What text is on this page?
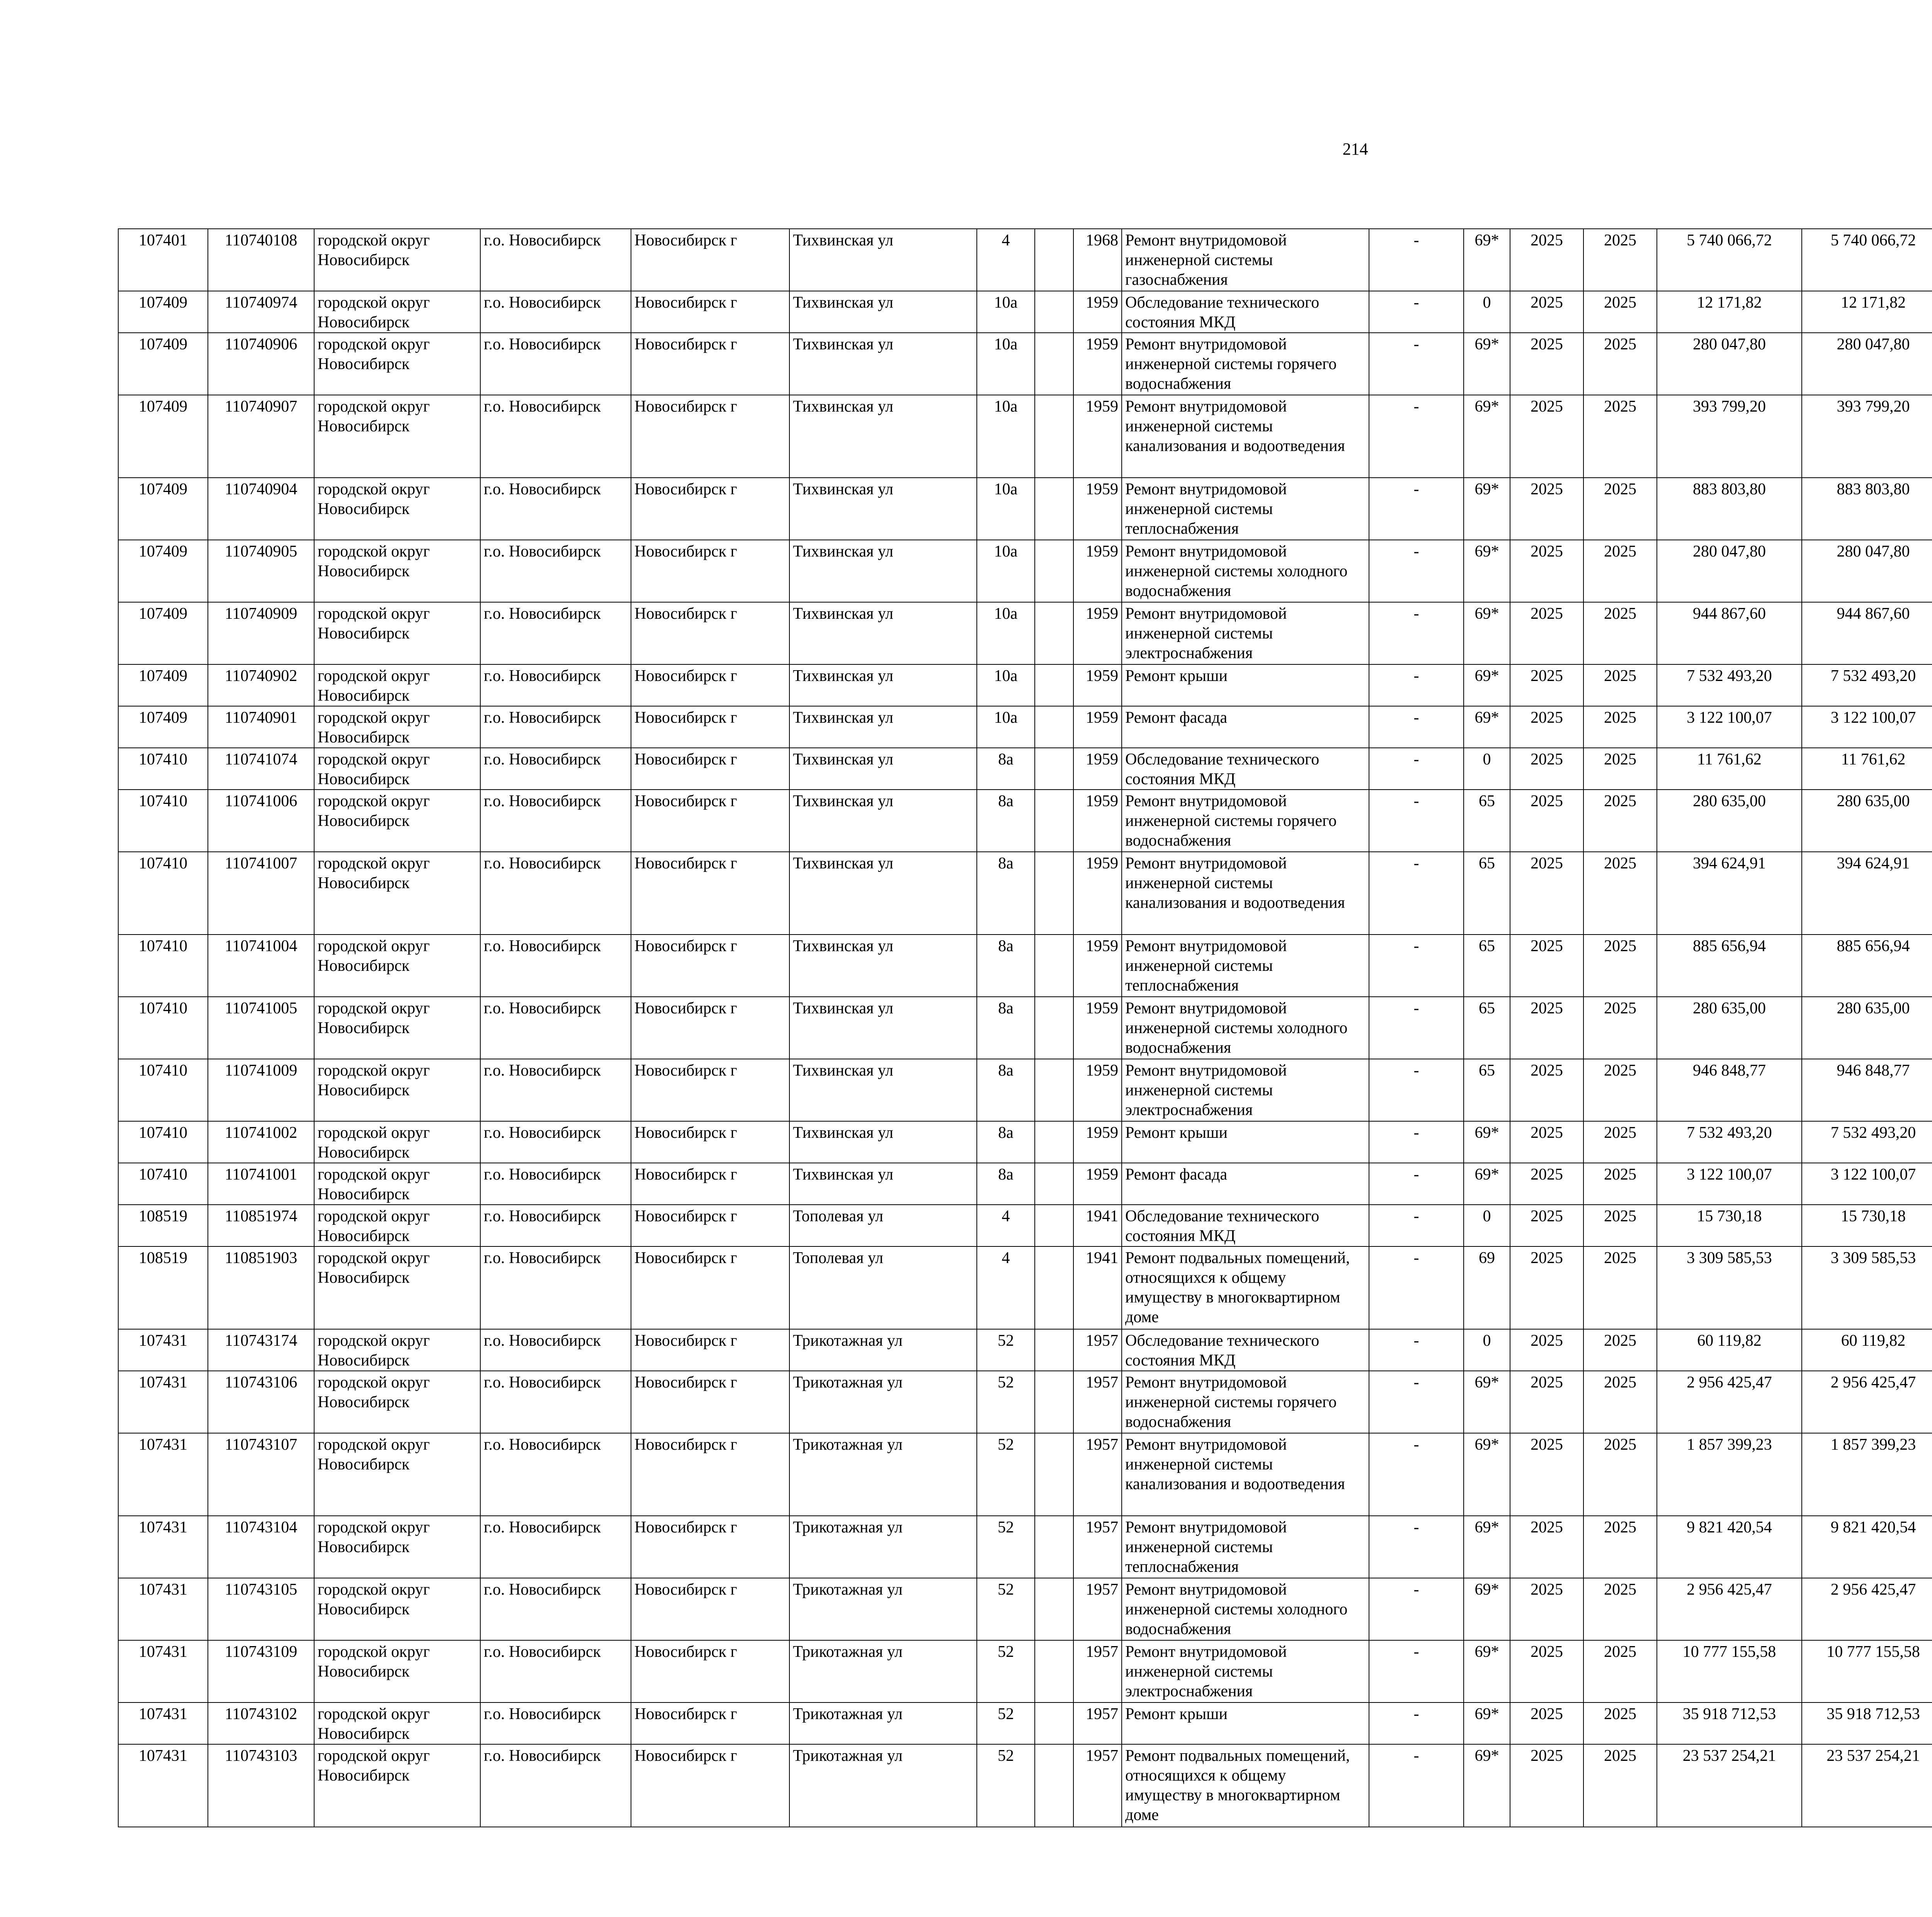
214
107401	110740108	городской округ Новосибирск	г.о. Новосибирск	Новосибирск г	Тихвинская ул	4		1968	Ремонт внутридомовой инженерной системы газоснабжения	-	69*	2025	2025	5 740 066,72	5 740 066,72						
107409	110740974	городской округ Новосибирск	г.о. Новосибирск	Новосибирск г	Тихвинская ул	10а		1959	Обследование технического состояния МКД	-	0	2025	2025	12 171,82	12 171,82						
107409	110740906	городской округ Новосибирск	г.о. Новосибирск	Новосибирск г	Тихвинская ул	10а		1959	Ремонт внутридомовой инженерной системы горячего водоснабжения	-	69*	2025	2025	280 047,80	280 047,80						
107409	110740907	городской округ Новосибирск	г.о. Новосибирск	Новосибирск г	Тихвинская ул	10а		1959	Ремонт внутридомовой инженерной системы канализования и водоотведения	-	69*	2025	2025	393 799,20	393 799,20						
107409	110740904	городской округ Новосибирск	г.о. Новосибирск	Новосибирск г	Тихвинская ул	10а		1959	Ремонт внутридомовой инженерной системы теплоснабжения	-	69*	2025	2025	883 803,80	883 803,80						
107409	110740905	городской округ Новосибирск	г.о. Новосибирск	Новосибирск г	Тихвинская ул	10а		1959	Ремонт внутридомовой инженерной системы холодного водоснабжения	-	69*	2025	2025	280 047,80	280 047,80						
107409	110740909	городской округ Новосибирск	г.о. Новосибирск	Новосибирск г	Тихвинская ул	10а		1959	Ремонт внутридомовой инженерной системы электроснабжения	-	69*	2025	2025	944 867,60	944 867,60						
107409	110740902	городской округ Новосибирск	г.о. Новосибирск	Новосибирск г	Тихвинская ул	10а		1959	Ремонт крыши	-	69*	2025	2025	7 532 493,20	7 532 493,20						
107409	110740901	городской округ Новосибирск	г.о. Новосибирск	Новосибирск г	Тихвинская ул	10а		1959	Ремонт фасада	-	69*	2025	2025	3 122 100,07	3 122 100,07						
107410	110741074	городской округ Новосибирск	г.о. Новосибирск	Новосибирск г	Тихвинская ул	8а		1959	Обследование технического состояния МКД	-	0	2025	2025	11 761,62	11 761,62						
107410	110741006	городской округ Новосибирск	г.о. Новосибирск	Новосибирск г	Тихвинская ул	8а		1959	Ремонт внутридомовой инженерной системы горячего водоснабжения	-	65	2025	2025	280 635,00	280 635,00						
107410	110741007	городской округ Новосибирск	г.о. Новосибирск	Новосибирск г	Тихвинская ул	8а		1959	Ремонт внутридомовой инженерной системы канализования и водоотведения	-	65	2025	2025	394 624,91	394 624,91						
107410	110741004	городской округ Новосибирск	г.о. Новосибирск	Новосибирск г	Тихвинская ул	8а		1959	Ремонт внутридомовой инженерной системы теплоснабжения	-	65	2025	2025	885 656,94	885 656,94						
107410	110741005	городской округ Новосибирск	г.о. Новосибирск	Новосибирск г	Тихвинская ул	8а		1959	Ремонт внутридомовой инженерной системы холодного водоснабжения	-	65	2025	2025	280 635,00	280 635,00						
107410	110741009	городской округ Новосибирск	г.о. Новосибирск	Новосибирск г	Тихвинская ул	8а		1959	Ремонт внутридомовой инженерной системы электроснабжения	-	65	2025	2025	946 848,77	946 848,77						
107410	110741002	городской округ Новосибирск	г.о. Новосибирск	Новосибирск г	Тихвинская ул	8а		1959	Ремонт крыши	-	69*	2025	2025	7 532 493,20	7 532 493,20						
107410	110741001	городской округ Новосибирск	г.о. Новосибирск	Новосибирск г	Тихвинская ул	8а		1959	Ремонт фасада	-	69*	2025	2025	3 122 100,07	3 122 100,07						
108519	110851974	городской округ Новосибирск	г.о. Новосибирск	Новосибирск г	Тополевая ул	4		1941	Обследование технического состояния МКД	-	0	2025	2025	15 730,18	15 730,18						
108519	110851903	городской округ Новосибирск	г.о. Новосибирск	Новосибирск г	Тополевая ул	4		1941	Ремонт подвальных помещений, относящихся к общему имуществу в многоквартирном доме	-	69	2025	2025	3 309 585,53	3 309 585,53						
107431	110743174	городской округ Новосибирск	г.о. Новосибирск	Новосибирск г	Трикотажная ул	52		1957	Обследование технического состояния МКД	-	0	2025	2025	60 119,82	60 119,82						
107431	110743106	городской округ Новосибирск	г.о. Новосибирск	Новосибирск г	Трикотажная ул	52		1957	Ремонт внутридомовой инженерной системы горячего водоснабжения	-	69*	2025	2025	2 956 425,47	2 956 425,47						
107431	110743107	городской округ Новосибирск	г.о. Новосибирск	Новосибирск г	Трикотажная ул	52		1957	Ремонт внутридомовой инженерной системы канализования и водоотведения	-	69*	2025	2025	1 857 399,23	1 857 399,23						
107431	110743104	городской округ Новосибирск	г.о. Новосибирск	Новосибирск г	Трикотажная ул	52		1957	Ремонт внутридомовой инженерной системы теплоснабжения	-	69*	2025	2025	9 821 420,54	9 821 420,54						
107431	110743105	городской округ Новосибирск	г.о. Новосибирск	Новосибирск г	Трикотажная ул	52		1957	Ремонт внутридомовой инженерной системы холодного водоснабжения	-	69*	2025	2025	2 956 425,47	2 956 425,47						
107431	110743109	городской округ Новосибирск	г.о. Новосибирск	Новосибирск г	Трикотажная ул	52		1957	Ремонт внутридомовой инженерной системы электроснабжения	-	69*	2025	2025	10 777 155,58	10 777 155,58						
107431	110743102	городской округ Новосибирск	г.о. Новосибирск	Новосибирск г	Трикотажная ул	52		1957	Ремонт крыши	-	69*	2025	2025	35 918 712,53	35 918 712,53						
107431	110743103	городской округ Новосибирск	г.о. Новосибирск	Новосибирск г	Трикотажная ул	52		1957	Ремонт подвальных помещений, относящихся к общему имуществу в многоквартирном доме	-	69*	2025	2025	23 537 254,21	23 537 254,21						
